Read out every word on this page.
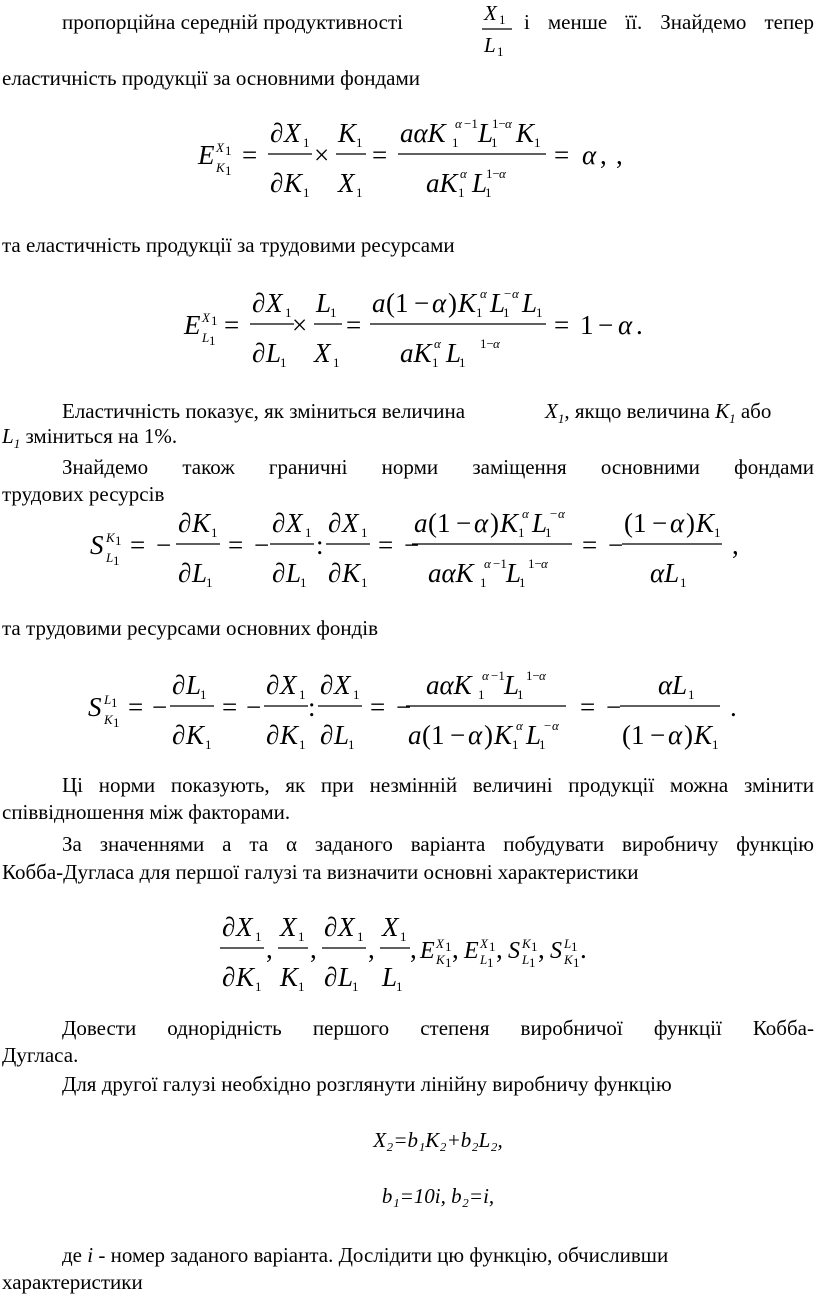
пропорційна середній продуктивності	X 1
L 1
і менше її. Знайдемо тепер
еластичність продукції за основними фондами
E X 1
K 1
=
∂ X 1
∂ K 1
×
K 1
X 1
=
aαK 1
α −1 L
1
1− α K 1
aK 1
α L
1
1− α
= α , ,
та еластичність продукції за трудовими ресурсами
E X 1
L 1
=
∂ X 1
∂ L
1
×
L
1
X 1
=
a (1 − α ) K 1
α L
1
− α L
1
aK 1
α L
1
1− α
= 1 − α .
Еластичність показує, як зміниться величина	$X_1$, якщо величина $K_1$ або
$L_1$ зміниться на 1%.
Знайдемо також граничні норми заміщення основними фондами
трудових ресурсів
S K 1
L 1
= −
∂ K 1
∂ L
1
= −
∂ X 1
∂ L
1
:
∂ X 1
∂ K 1
= −
a (1 − α ) K 1
α L
1
− α
aαK 1
α −1 L
1
1− α
= −
(1 − α ) K 1
αL 1
,
та трудовими ресурсами основних фондів
S L 1
K 1
= −
∂ L
1
∂ K 1
= −
∂ X 1
∂ K 1
:
∂ X 1
∂ L
1
= −
aαK 1
α −1 L
1
1− α
a (1 − α ) K 1
α L
1
− α
= −
αL 1
(1 − α ) K 1
.
Ці норми показують, як при незмінній величині продукції можна змінити
співвідношення між факторами.
За значеннями a та α заданого варіанта побудувати виробничу функцію
Кобба-Дугласа для першої галузі та визначити основні характеристики
∂ X 1
∂ K 1
,
X 1
K 1
,
∂ X 1
∂ L
1
,
X 1
L
1
, E X 1
K 1 , E X 1
L 1 , S K 1
L 1 , S L 1
K 1 .
Довести однорідність першого степеня виробничої функції Кобба-
Дугласа.
Для другої галузі необхідно розглянути лінійну виробничу функцію
X₂=b₁K₂+b₂L₂,
b₁=10i, b₂=i,
де i - номер заданого варіанта. Дослідити цю функцію, обчисливши
характеристики
